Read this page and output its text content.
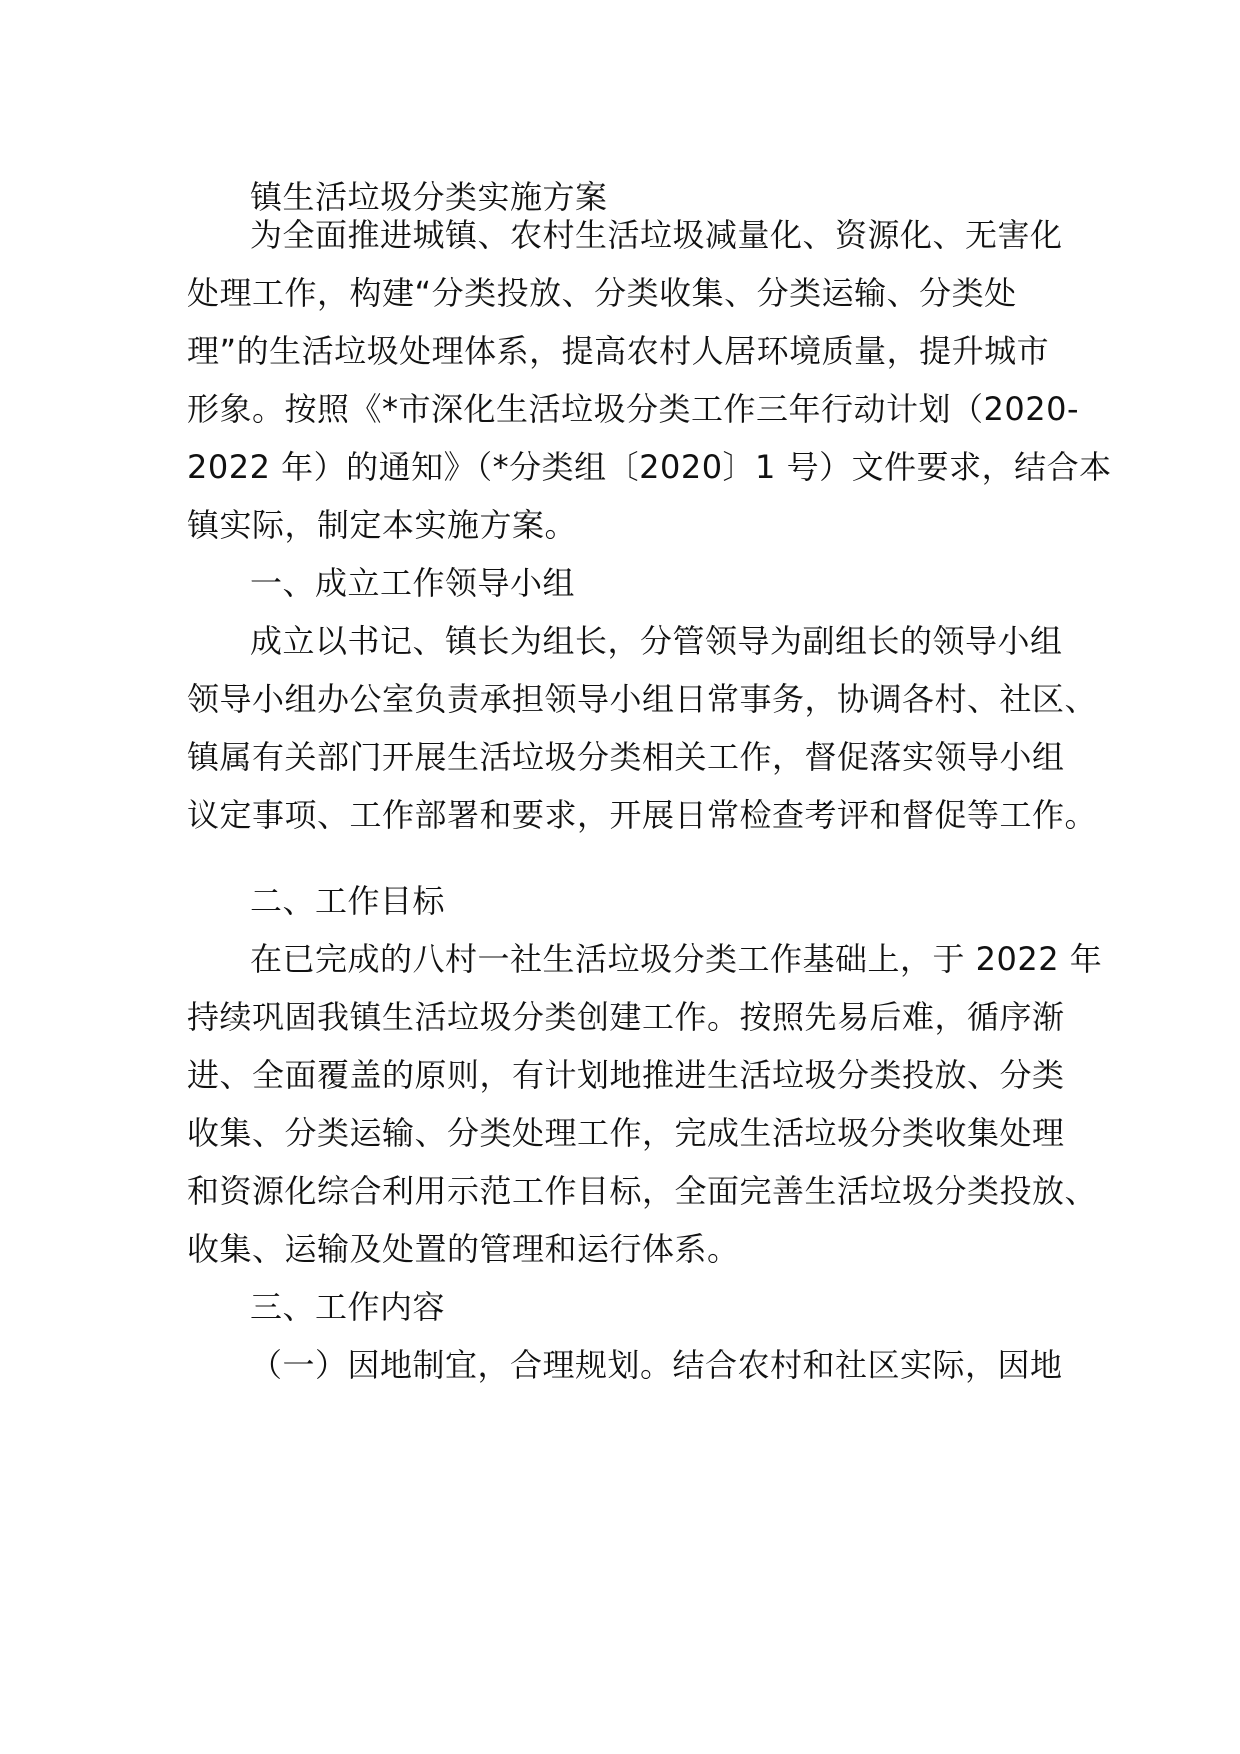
镇生活垃圾分类实施方案
为全面推进城镇、农村生活垃圾减量化、资源化、无害化
处理工作，构建“分类投放、分类收集、分类运输、分类处
理”的生活垃圾处理体系，提高农村人居环境质量，提升城市
形象。按照《*市深化生活垃圾分类工作三年行动计划（2020-
2022 年）的通知》（*分类组〔2020〕1 号）文件要求，结合本
镇实际，制定本实施方案。
一、成立工作领导小组
成立以书记、镇长为组长，分管领导为副组长的领导小组
领导小组办公室负责承担领导小组日常事务，协调各村、社区、
镇属有关部门开展生活垃圾分类相关工作，督促落实领导小组
议定事项、工作部署和要求，开展日常检查考评和督促等工作。
二、工作目标
在已完成的八村一社生活垃圾分类工作基础上，于 2022 年
持续巩固我镇生活垃圾分类创建工作。按照先易后难，循序渐
进、全面覆盖的原则，有计划地推进生活垃圾分类投放、分类
收集、分类运输、分类处理工作，完成生活垃圾分类收集处理
和资源化综合利用示范工作目标，全面完善生活垃圾分类投放、
收集、运输及处置的管理和运行体系。
三、工作内容
（一）因地制宜，合理规划。结合农村和社区实际，因地
